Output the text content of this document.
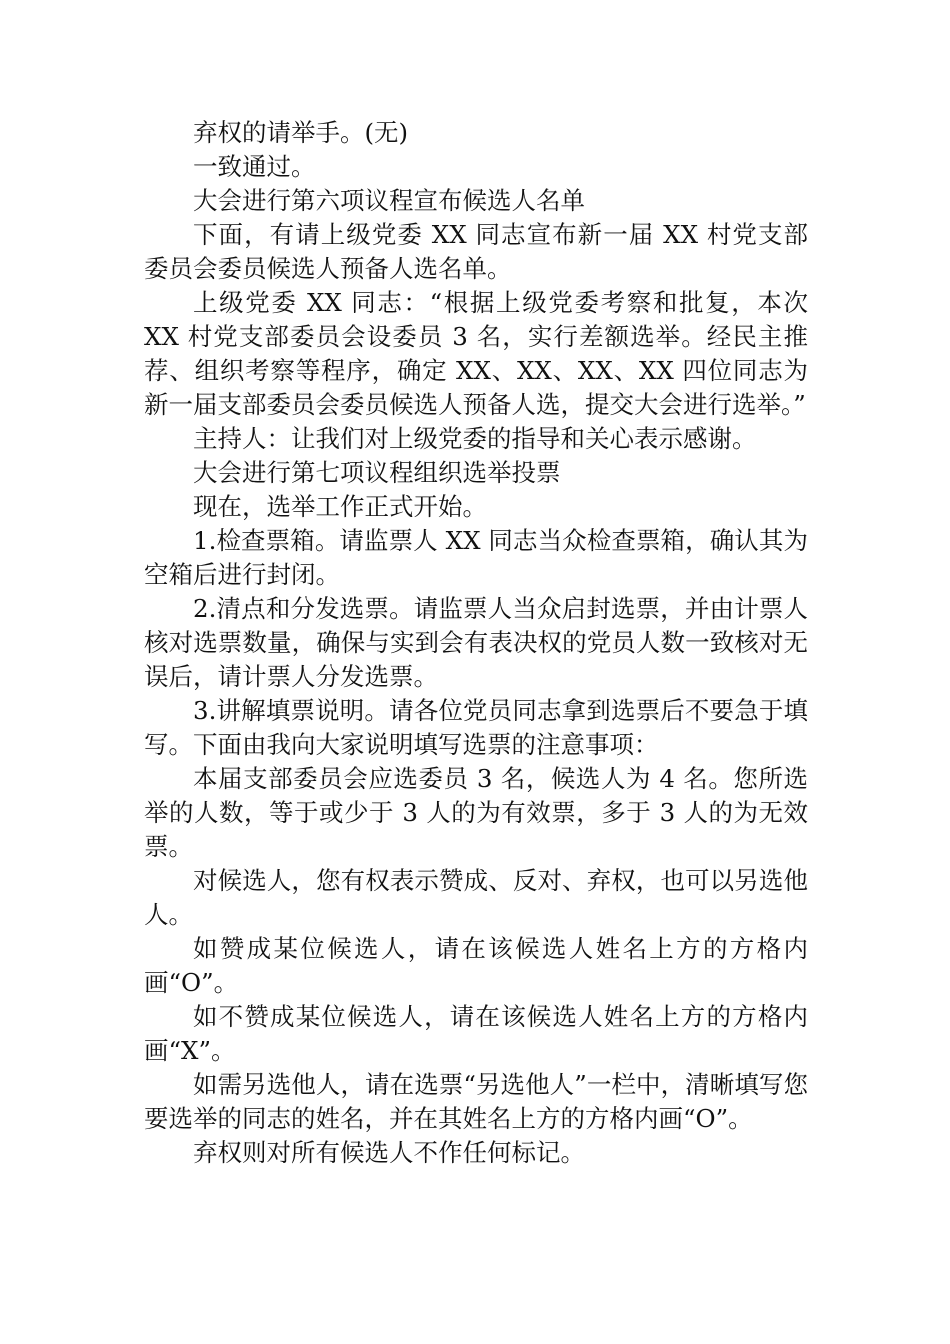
弃权的请举手。(无)

一致通过。

大会进行第六项议程宣布候选人名单

下面，有请上级党委 XX 同志宣布新一届 XX 村党支部委员会委员候选人预备人选名单。

上级党委 XX 同志：“根据上级党委考察和批复，本次 XX 村党支部委员会设委员 3 名，实行差额选举。经民主推荐、组织考察等程序，确定 XX、XX、XX、XX 四位同志为新一届支部委员会委员候选人预备人选，提交大会进行选举。”

主持人：让我们对上级党委的指导和关心表示感谢。

大会进行第七项议程组织选举投票

现在，选举工作正式开始。

1.检查票箱。请监票人 XX 同志当众检查票箱，确认其为空箱后进行封闭。

2.清点和分发选票。请监票人当众启封选票，并由计票人核对选票数量，确保与实到会有表决权的党员人数一致核对无误后，请计票人分发选票。

3.讲解填票说明。请各位党员同志拿到选票后不要急于填写。下面由我向大家说明填写选票的注意事项：

本届支部委员会应选委员 3 名，候选人为 4 名。您所选举的人数，等于或少于 3 人的为有效票，多于 3 人的为无效票。

对候选人，您有权表示赞成、反对、弃权，也可以另选他人。

如赞成某位候选人，请在该候选人姓名上方的方格内画“O”。

如不赞成某位候选人，请在该候选人姓名上方的方格内画“X”。

如需另选他人，请在选票“另选他人”一栏中，清晰填写您要选举的同志的姓名，并在其姓名上方的方格内画“O”。

弃权则对所有候选人不作任何标记。
